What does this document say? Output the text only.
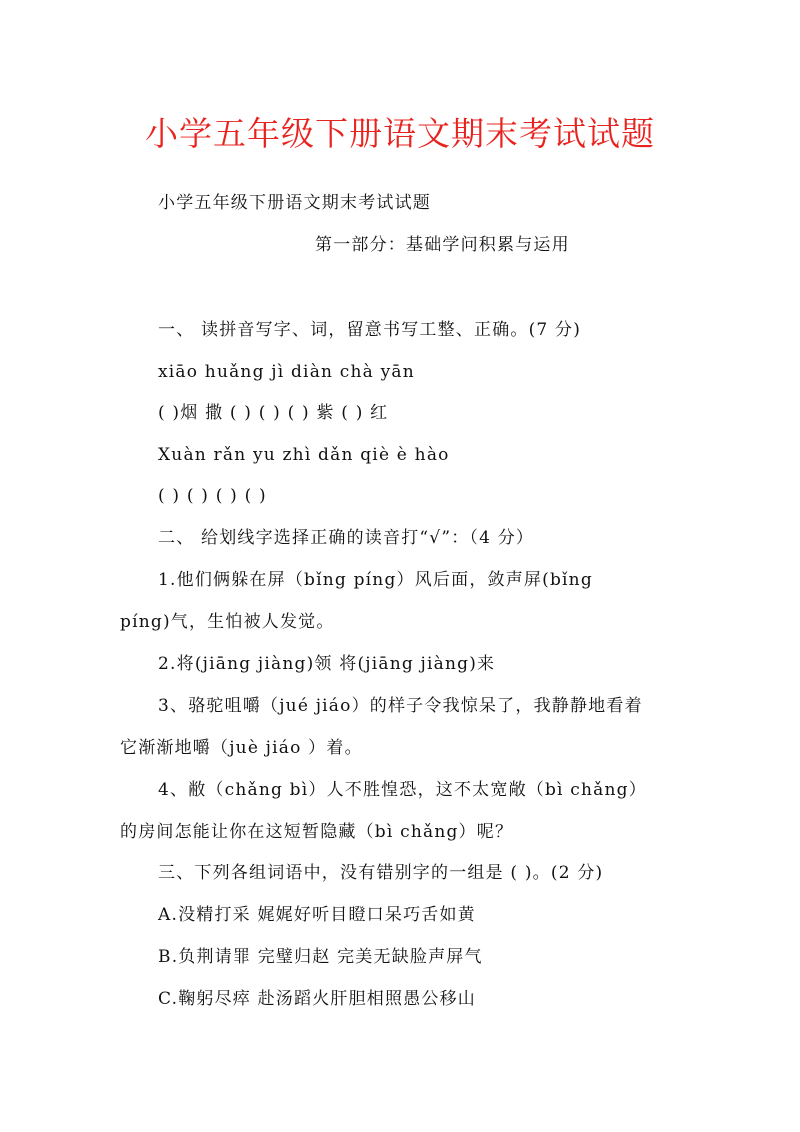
小学五年级下册语文期末考试试题
小学五年级下册语文期末考试试题
第一部分：基础学问积累与运用
一、 读拼音写字、词，留意书写工整、正确。(7 分)
xiāo huǎng jì diàn chà yān
( )烟 撒 ( ) ( ) ( ) 紫 ( ) 红
Xuàn rǎn yu zhì dǎn qiè è hào
( ) ( ) ( ) ( )
二、 给划线字选择正确的读音打“√”：（4 分）
1.他们俩躲在屏（bǐng píng）风后面，敛声屏(bǐng
píng)气，生怕被人发觉。
2.将(jiāng jiàng)领 将(jiāng jiàng)来
3、骆驼咀嚼（jué jiáo）的样子令我惊呆了，我静静地看着
它渐渐地嚼（juè jiáo ）着。
4、敝（chǎng bì）人不胜惶恐，这不太宽敞（bì chǎng）
的房间怎能让你在这短暂隐藏（bì chǎng）呢？
三、下列各组词语中，没有错别字的一组是 ( )。(2 分)
A.没精打采 娓娓好听目瞪口呆巧舌如黄
B.负荆请罪 完璧归赵 完美无缺脸声屏气
C.鞠躬尽瘁 赴汤蹈火肝胆相照愚公移山
